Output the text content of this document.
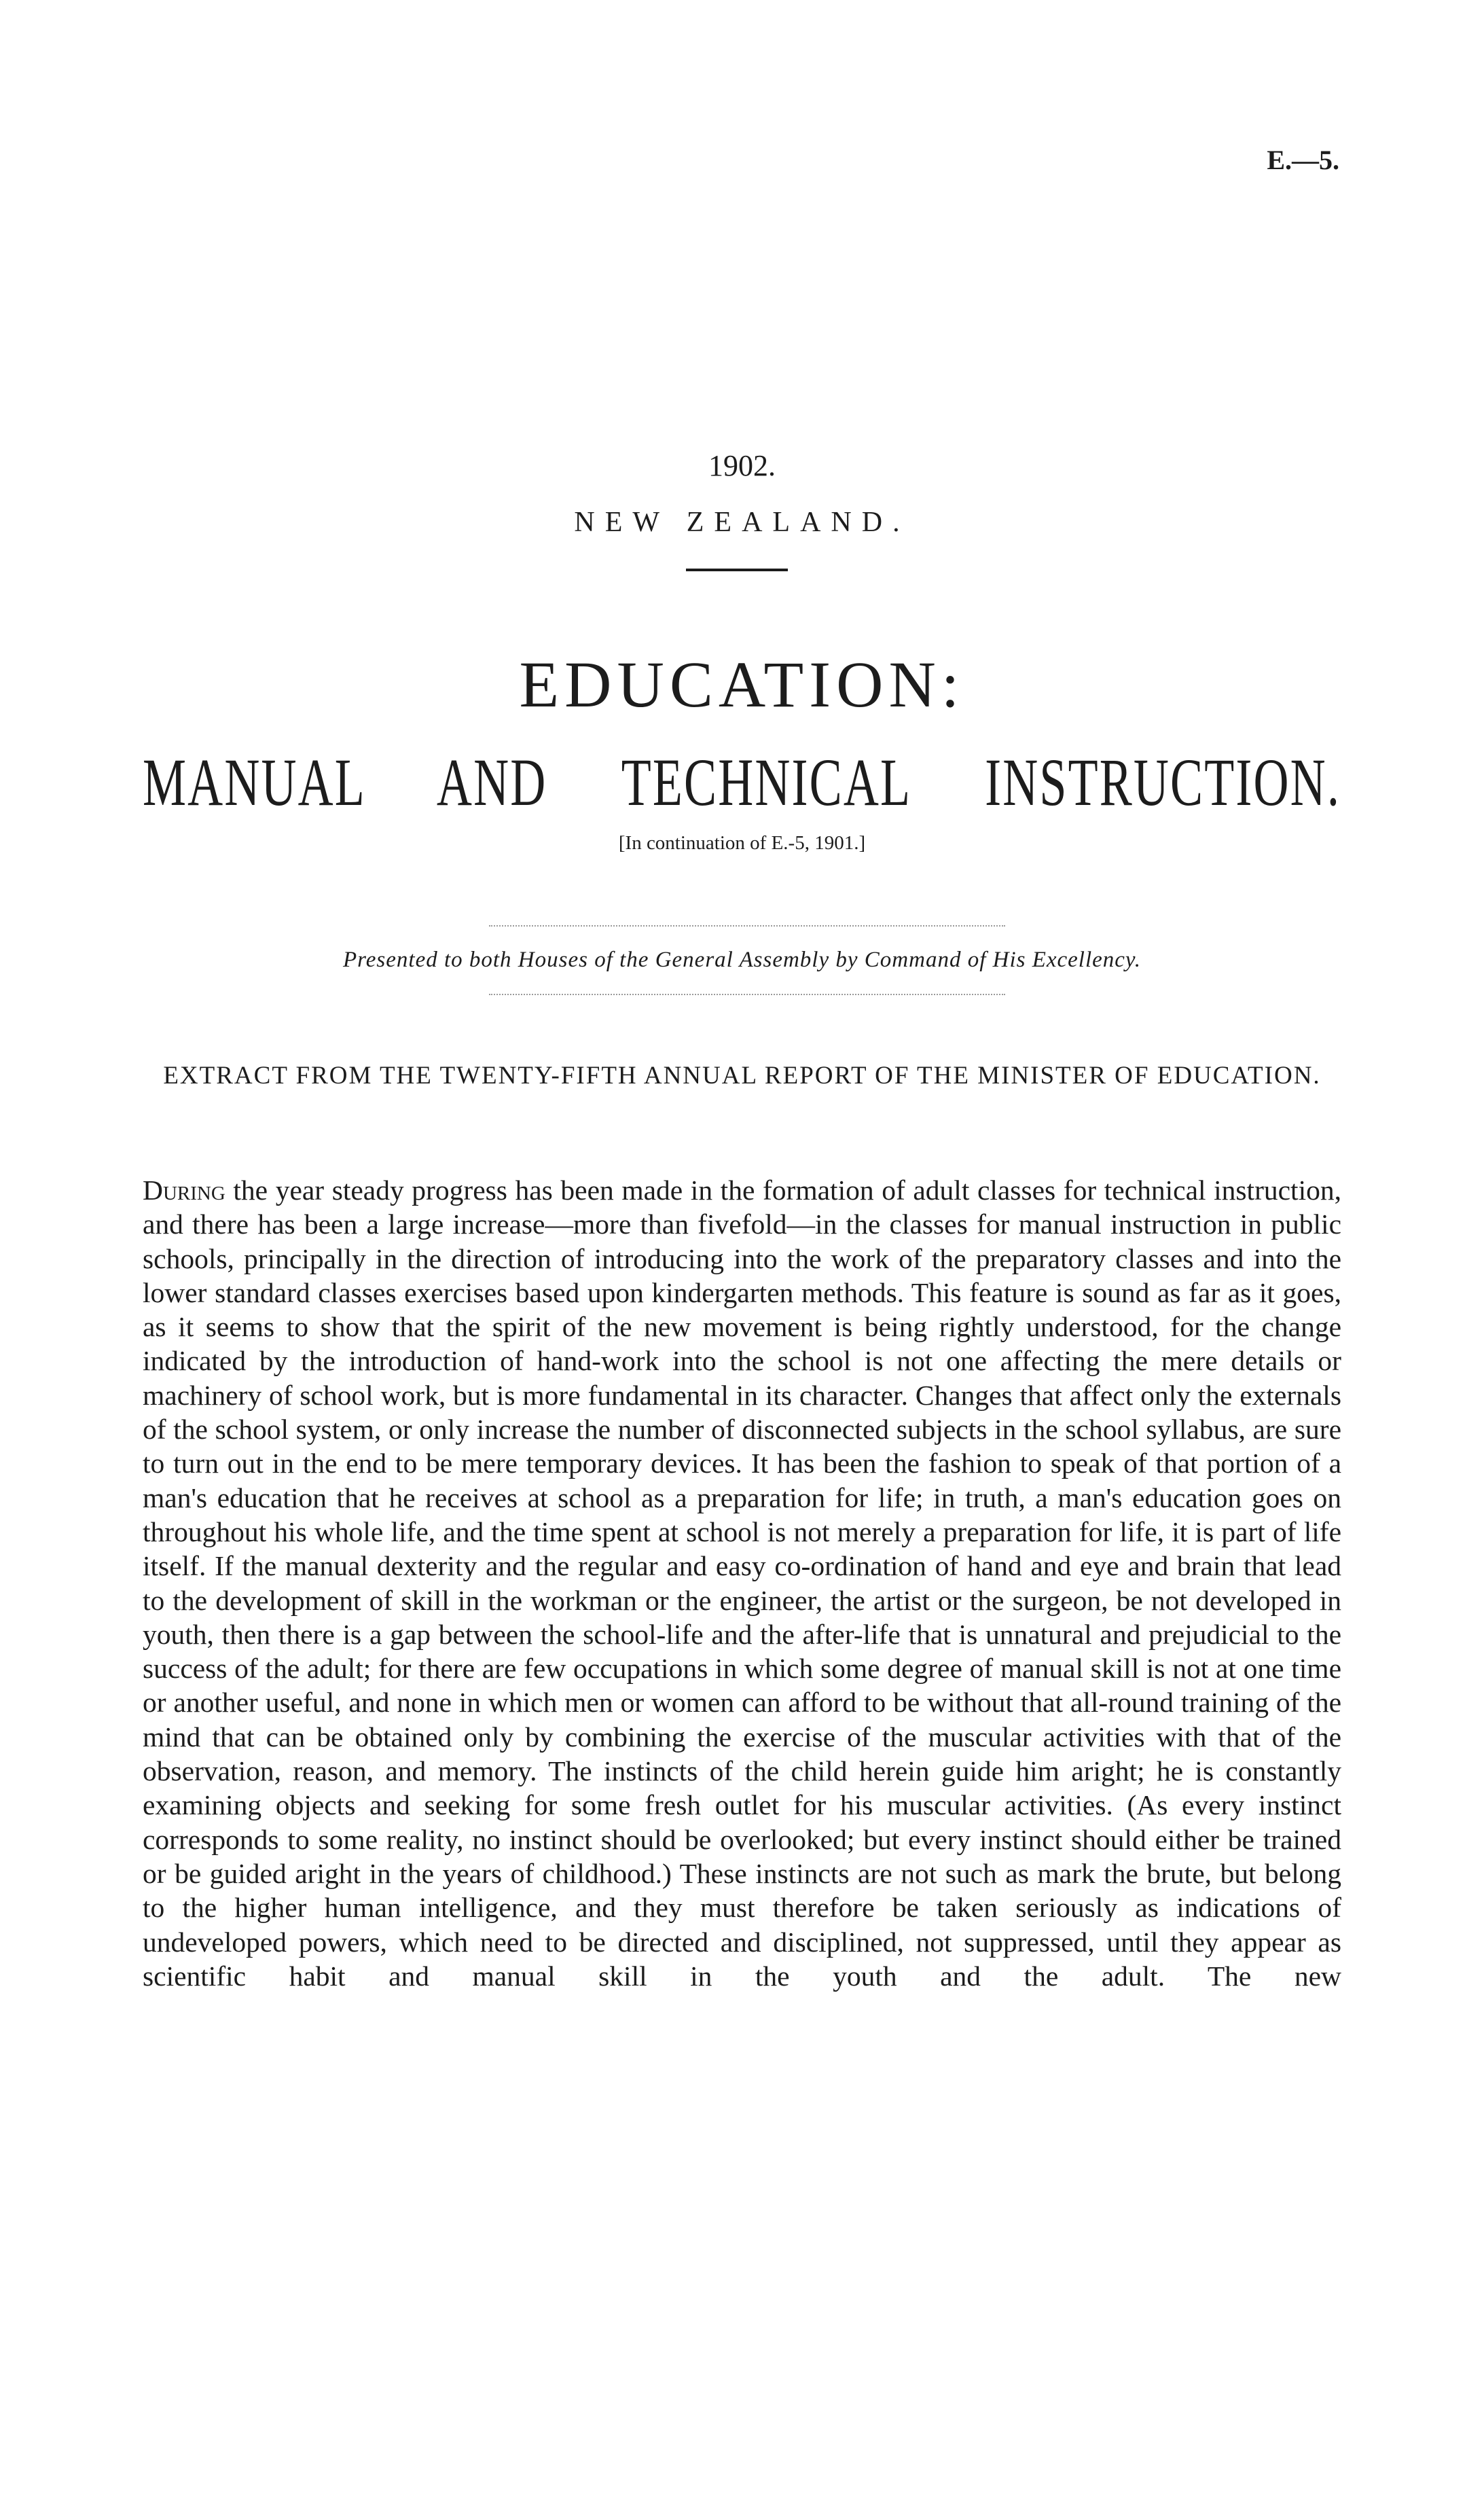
E.—5.
1902.
NEW ZEALAND.
EDUCATION:
MANUAL AND TECHNICAL INSTRUCTION.
[In continuation of E.-5, 1901.]
Presented to both Houses of the General Assembly by Command of His Excellency.
EXTRACT FROM THE TWENTY-FIFTH ANNUAL REPORT OF THE MINISTER OF EDUCATION.
During the year steady progress has been made in the formation of adult classes for technical instruction, and there has been a large increase—more than fivefold—in the classes for manual instruction in public schools, principally in the direction of introducing into the work of the preparatory classes and into the lower standard classes exercises based upon kindergarten methods. This feature is sound as far as it goes, as it seems to show that the spirit of the new movement is being rightly understood, for the change indicated by the introduction of hand-work into the school is not one affecting the mere details or machinery of school work, but is more fundamental in its character. Changes that affect only the externals of the school system, or only increase the number of disconnected subjects in the school syllabus, are sure to turn out in the end to be mere temporary devices. It has been the fashion to speak of that portion of a man's education that he receives at school as a preparation for life; in truth, a man's education goes on throughout his whole life, and the time spent at school is not merely a preparation for life, it is part of life itself. If the manual dexterity and the regular and easy co-ordination of hand and eye and brain that lead to the development of skill in the workman or the engineer, the artist or the surgeon, be not developed in youth, then there is a gap between the school-life and the after-life that is unnatural and prejudicial to the success of the adult; for there are few occupations in which some degree of manual skill is not at one time or another useful, and none in which men or women can afford to be without that all-round training of the mind that can be obtained only by combining the exercise of the muscular activities with that of the observation, reason, and memory. The instincts of the child herein guide him aright; he is constantly examining objects and seeking for some fresh outlet for his muscular activities. (As every instinct corresponds to some reality, no instinct should be overlooked; but every instinct should either be trained or be guided aright in the years of childhood.) These instincts are not such as mark the brute, but belong to the higher human intelligence, and they must therefore be taken seriously as indications of undeveloped powers, which need to be directed and disciplined, not suppressed, until they appear as scientific habit and manual skill in the youth and the adult. The new
